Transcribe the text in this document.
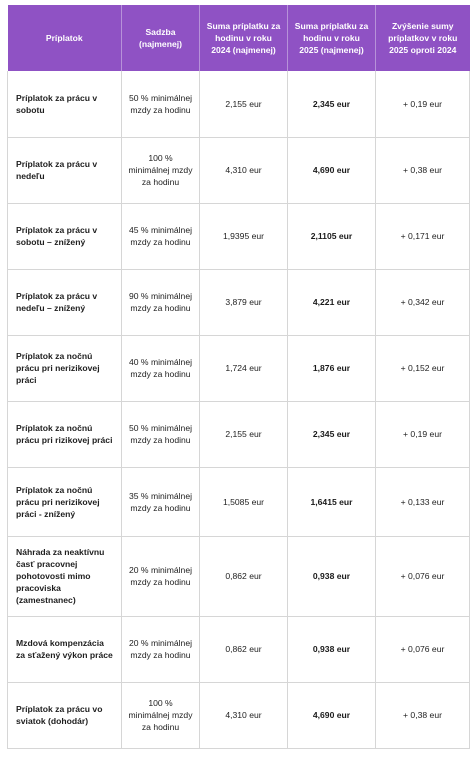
Príplatok	Sadzba (najmenej)	Suma príplatku za hodinu v roku 2024 (najmenej)	Suma príplatku za hodinu v roku 2025 (najmenej)	Zvýšenie sumy príplatkov v roku 2025 oproti 2024
Príplatok za prácu v sobotu	50 % minimálnej mzdy za hodinu	2,155 eur	2,345 eur	+ 0,19 eur
Príplatok za prácu v nedeľu	100 % minimálnej mzdy za hodinu	4,310 eur	4,690 eur	+ 0,38 eur
Príplatok za prácu v sobotu – znížený	45 % minimálnej mzdy za hodinu	1,9395 eur	2,1105 eur	+ 0,171 eur
Príplatok za prácu v nedeľu – znížený	90 % minimálnej mzdy za hodinu	3,879 eur	4,221 eur	+ 0,342 eur
Príplatok za nočnú prácu pri nerizikovej práci	40 % minimálnej mzdy za hodinu	1,724 eur	1,876 eur	+ 0,152 eur
Príplatok za nočnú prácu pri rizikovej práci	50 % minimálnej mzdy za hodinu	2,155 eur	2,345 eur	+ 0,19 eur
Príplatok za nočnú prácu pri nerizikovej práci - znížený	35 % minimálnej mzdy za hodinu	1,5085 eur	1,6415 eur	+ 0,133 eur
Náhrada za neaktívnu časť pracovnej pohotovosti mimo pracoviska (zamestnanec)	20 % minimálnej mzdy za hodinu	0,862 eur	0,938 eur	+ 0,076 eur
Mzdová kompenzácia za sťažený výkon práce	20 % minimálnej mzdy za hodinu	0,862 eur	0,938 eur	+ 0,076 eur
Príplatok za prácu vo sviatok (dohodár)	100 % minimálnej mzdy za hodinu	4,310 eur	4,690 eur	+ 0,38 eur
